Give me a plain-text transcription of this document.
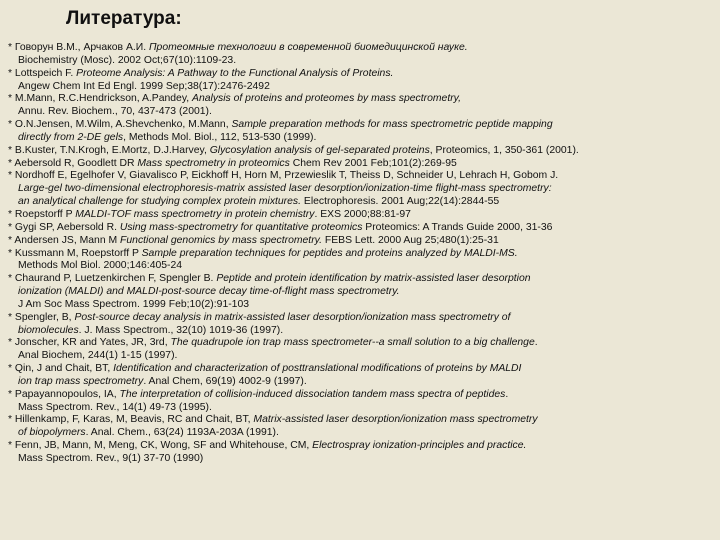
Литература:
* Говорун В.М., Арчаков А.И. Протеомные технологии в современной биомедицинской науке.
Biochemistry (Mosc). 2002 Oct;67(10):1109-23.
* Lottspeich F. Proteome Analysis: A Pathway to the Functional Analysis of Proteins.
Angew Chem Int Ed Engl. 1999 Sep;38(17):2476-2492
* M.Mann, R.C.Hendrickson, A.Pandey, Analysis of proteins and proteomes by mass spectrometry,
Annu. Rev. Biochem., 70, 437-473 (2001).
* O.N.Jensen, M.Wilm, A.Shevchenko, M.Mann, Sample preparation methods for mass spectrometric peptide mapping
directly from 2-DE gels, Methods Mol. Biol., 112, 513-530 (1999).
* B.Kuster, T.N.Krogh, E.Mortz, D.J.Harvey, Glycosylation analysis of gel-separated proteins, Proteomics, 1, 350-361 (2001).
* Aebersold R, Goodlett DR Mass spectrometry in proteomics Chem Rev 2001 Feb;101(2):269-95
* Nordhoff E, Egelhofer V, Giavalisco P, Eickhoff H, Horn M, Przewieslik T, Theiss D, Schneider U, Lehrach H, Gobom J.
Large-gel two-dimensional electrophoresis-matrix assisted laser desorption/ionization-time flight-mass spectrometry:
an analytical challenge for studying complex protein mixtures. Electrophoresis. 2001 Aug;22(14):2844-55
* Roepstorff P MALDI-TOF mass spectrometry in protein chemistry. EXS 2000;88:81-97
* Gygi SP, Aebersold R. Using mass-spectrometry for quantitative proteomics Proteomics: A Trands Guide 2000, 31-36
* Andersen JS, Mann M Functional genomics by mass spectrometry. FEBS Lett. 2000 Aug 25;480(1):25-31
* Kussmann M, Roepstorff P Sample preparation techniques for peptides and proteins analyzed by MALDI-MS.
Methods Mol Biol. 2000;146:405-24
* Chaurand P, Luetzenkirchen F, Spengler B. Peptide and protein identification by matrix-assisted laser desorption
ionization (MALDI) and MALDI-post-source decay time-of-flight mass spectrometry.
J Am Soc Mass Spectrom. 1999 Feb;10(2):91-103
* Spengler, B, Post-source decay analysis in matrix-assisted laser desorption/ionization mass spectrometry of
biomolecules. J. Mass Spectrom., 32(10) 1019-36 (1997).
* Jonscher, KR and Yates, JR, 3rd, The quadrupole ion trap mass spectrometer--a small solution to a big challenge.
Anal Biochem, 244(1) 1-15 (1997).
* Qin, J and Chait, BT, Identification and characterization of posttranslational modifications of proteins by MALDI
ion trap mass spectrometry. Anal Chem, 69(19) 4002-9 (1997).
* Papayannopoulos, IA, The interpretation of collision-induced dissociation tandem mass spectra of peptides.
Mass Spectrom. Rev., 14(1) 49-73 (1995).
* Hillenkamp, F, Karas, M, Beavis, RC and Chait, BT, Matrix-assisted laser desorption/ionization mass spectrometry
of biopolymers. Anal. Chem., 63(24) 1193A-203A (1991).
* Fenn, JB, Mann, M, Meng, CK, Wong, SF and Whitehouse, CM, Electrospray ionization-principles and practice.
Mass Spectrom. Rev., 9(1) 37-70 (1990)
